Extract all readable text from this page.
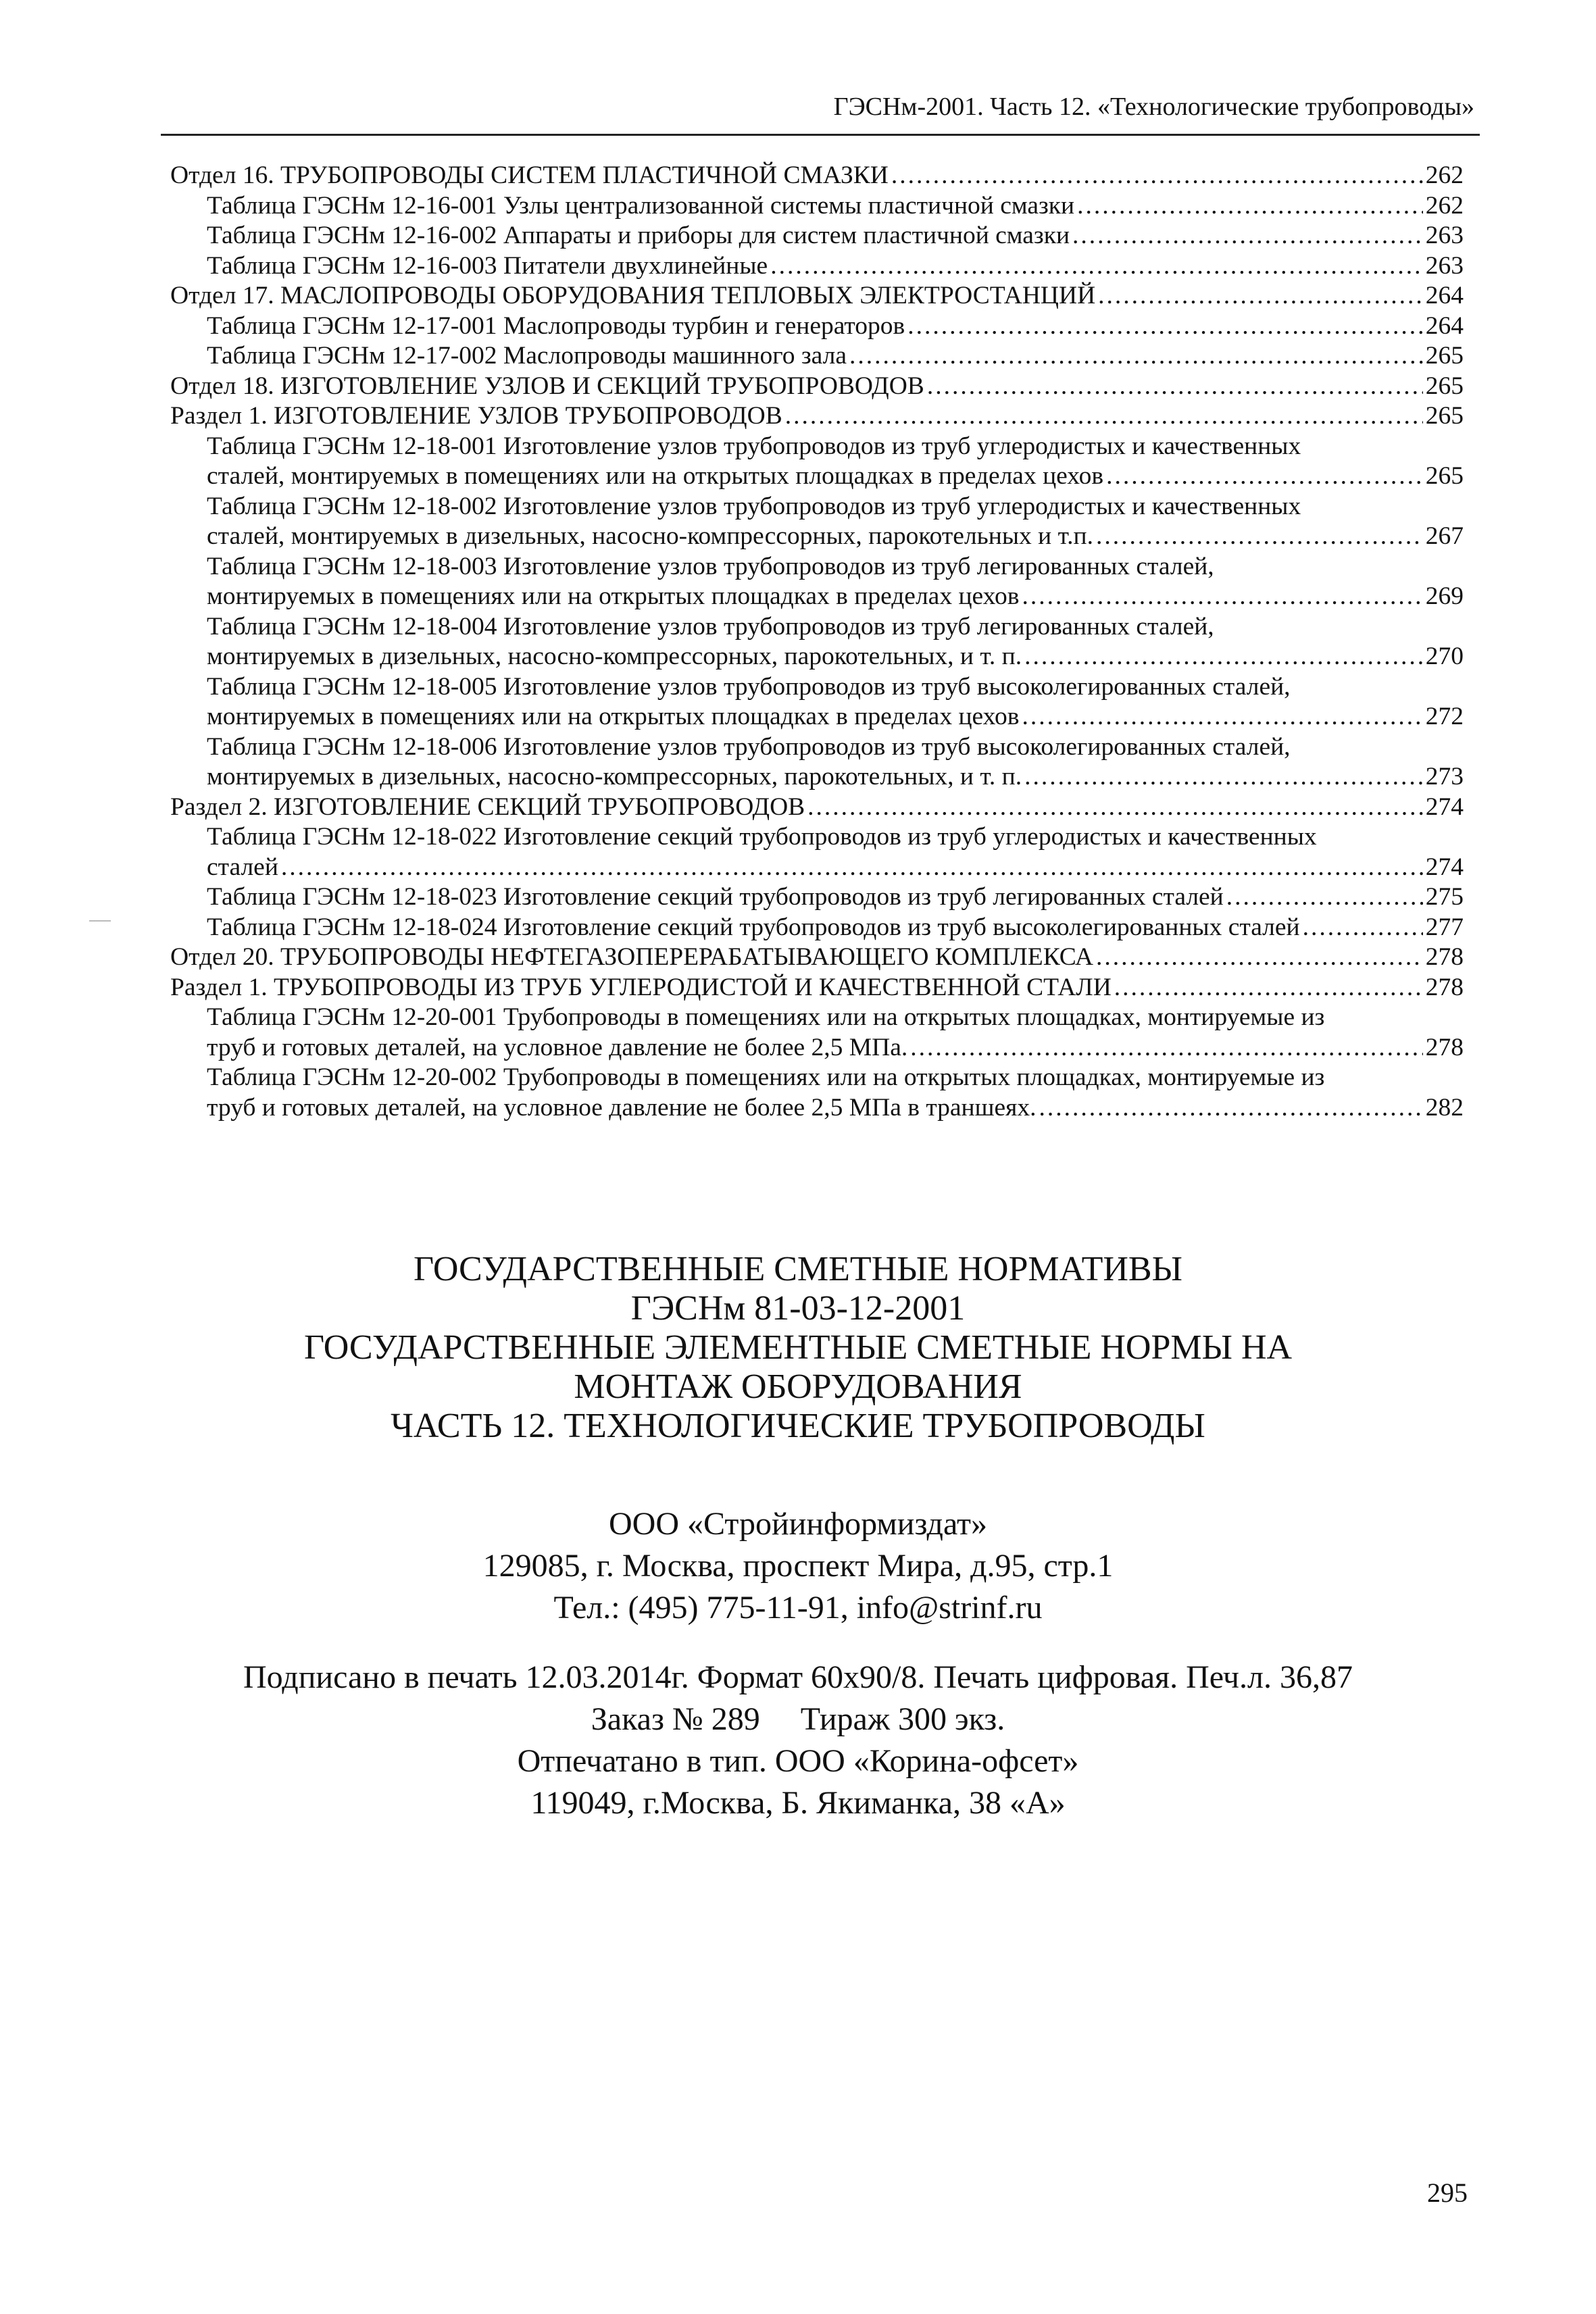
ГЭСНм-2001. Часть 12. «Технологические трубопроводы»
Отдел 16. ТРУБОПРОВОДЫ СИСТЕМ ПЛАСТИЧНОЙ СМАЗКИ .....	262
Таблица ГЭСНм 12-16-001 Узлы централизованной системы пластичной смазки .....	262
Таблица ГЭСНм 12-16-002 Аппараты и приборы для систем пластичной смазки .....	263
Таблица ГЭСНм 12-16-003 Питатели двухлинейные .....	263
Отдел 17. МАСЛОПРОВОДЫ ОБОРУДОВАНИЯ ТЕПЛОВЫХ ЭЛЕКТРОСТАНЦИЙ .....	264
Таблица ГЭСНм 12-17-001 Маслопроводы турбин и генераторов .....	264
Таблица ГЭСНм 12-17-002 Маслопроводы машинного зала .....	265
Отдел 18. ИЗГОТОВЛЕНИЕ УЗЛОВ И СЕКЦИЙ ТРУБОПРОВОДОВ .....	265
Раздел 1. ИЗГОТОВЛЕНИЕ УЗЛОВ ТРУБОПРОВОДОВ .....	265
Таблица ГЭСНм 12-18-001 Изготовление узлов трубопроводов из труб углеродистых и качественных
сталей, монтируемых в помещениях или на открытых площадках в пределах цехов .....	265
Таблица ГЭСНм 12-18-002 Изготовление узлов трубопроводов из труб углеродистых и качественных
сталей, монтируемых в дизельных, насосно-компрессорных, парокотельных и т.п. .....	267
Таблица ГЭСНм 12-18-003 Изготовление узлов трубопроводов из труб легированных сталей,
монтируемых в помещениях или на открытых площадках в пределах цехов .....	269
Таблица ГЭСНм 12-18-004 Изготовление узлов трубопроводов из труб легированных сталей,
монтируемых в дизельных, насосно-компрессорных, парокотельных, и т. п. .....	270
Таблица ГЭСНм 12-18-005 Изготовление узлов трубопроводов из труб высоколегированных сталей,
монтируемых в помещениях или на открытых площадках в пределах цехов .....	272
Таблица ГЭСНм 12-18-006 Изготовление узлов трубопроводов из труб высоколегированных сталей,
монтируемых в дизельных, насосно-компрессорных, парокотельных, и т. п. .....	273
Раздел 2. ИЗГОТОВЛЕНИЕ СЕКЦИЙ ТРУБОПРОВОДОВ .....	274
Таблица ГЭСНм 12-18-022 Изготовление секций трубопроводов из труб углеродистых и качественных
сталей .....	274
Таблица ГЭСНм 12-18-023 Изготовление секций трубопроводов из труб легированных сталей .....	275
Таблица ГЭСНм 12-18-024 Изготовление секций трубопроводов из труб высоколегированных сталей .....	277
Отдел 20. ТРУБОПРОВОДЫ НЕФТЕГАЗОПЕРЕРАБАТЫВАЮЩЕГО КОМПЛЕКСА .....	278
Раздел 1. ТРУБОПРОВОДЫ ИЗ ТРУБ УГЛЕРОДИСТОЙ И КАЧЕСТВЕННОЙ СТАЛИ .....	278
Таблица ГЭСНм 12-20-001 Трубопроводы в помещениях или на открытых площадках, монтируемые из
труб и готовых деталей, на условное давление не более 2,5 МПа. .....	278
Таблица ГЭСНм 12-20-002 Трубопроводы в помещениях или на открытых площадках, монтируемые из
труб и готовых деталей, на условное давление не более 2,5 МПа в траншеях. .....	282
ГОСУДАРСТВЕННЫЕ СМЕТНЫЕ НОРМАТИВЫ
ГЭСНм 81-03-12-2001
ГОСУДАРСТВЕННЫЕ ЭЛЕМЕНТНЫЕ СМЕТНЫЕ НОРМЫ НА
МОНТАЖ ОБОРУДОВАНИЯ
ЧАСТЬ 12. ТЕХНОЛОГИЧЕСКИЕ ТРУБОПРОВОДЫ
ООО «Стройинформиздат»
129085, г. Москва, проспект Мира, д.95, стр.1
Тел.: (495) 775-11-91, info@strinf.ru
Подписано в печать 12.03.2014г. Формат 60х90/8. Печать цифровая. Печ.л. 36,87
Заказ № 289 Тираж 300 экз.
Отпечатано в тип. ООО «Корина-офсет»
119049, г.Москва, Б. Якиманка, 38 «А»
295
